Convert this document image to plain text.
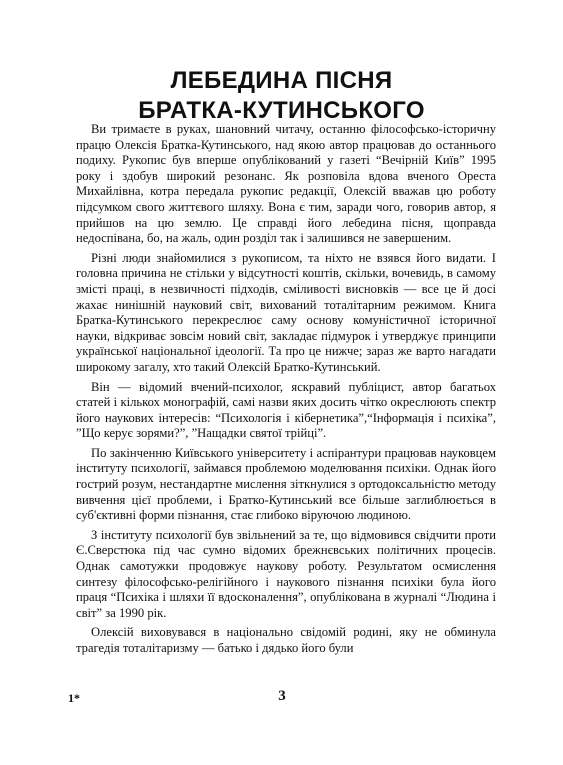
ЛЕБЕДИНА ПІСНЯ
БРАТКА-КУТИНСЬКОГО

Ви тримаєте в руках, шановний читачу, останню філософсько-історичну працю Олексія Братка-Кутинського, над якою автор працював до останнього подиху. Рукопис був вперше опублікований у газеті “Вечірній Київ” 1995 року і здобув широкий резонанс. Як розповіла вдова вченого Ореста Михайлівна, котра передала рукопис редакції, Олексій вважав цю роботу підсумком свого життєвого шляху. Вона є тим, заради чого, говорив автор, я прийшов на цю землю. Це справді його лебедина пісня, щоправда недоспівана, бо, на жаль, один розділ так і залишився не завершеним.

Різні люди знайомилися з рукописом, та ніхто не взявся його видати. І головна причина не стільки у відсутності коштів, скільки, вочевидь, в самому змісті праці, в незвичності підходів, сміливості висновків — все це й досі жахає нинішній науковий світ, вихований тоталітарним режимом. Книга Братка-Кутинського перекреслює саму основу комуністичної історичної науки, відкриває зовсім новий світ, закладає підмурок і утверджує принципи української національної ідеології. Та про це нижче; зараз же варто нагадати широкому загалу, хто такий Олексій Братко-Кутинський.

Він — відомий вчений-психолог, яскравий публіцист, автор багатьох статей і кількох монографій, самі назви яких досить чітко окреслюють спектр його наукових інтересів: “Психологія і кібернетика”,“Інформація і психіка”, ”Що керує зорями?”, ”Нащадки святої трійці”.

По закінченню Київського університету і аспірантури працював науковцем інституту психології, займався проблемою моделювання психіки. Однак його гострий розум, нестандартне мислення зіткнулися з ортодоксальністю методу вивчення цієї проблеми, і Братко-Кутинський все більше заглиблюється в суб'єктивні форми пізнання, стає глибоко віруючою людиною.

З інституту психології був звільнений за те, що відмовився свідчити проти Є.Сверстюка під час сумно відомих брежнєвських політичних процесів. Однак самотужки продовжує наукову роботу. Результатом осмислення синтезу філософсько-релігійного і наукового пізнання психіки була його праця “Психіка і шляхи її вдосконалення”, опублікована в журналі “Людина і світ” за 1990 рік.

Олексій виховувався в національно свідомій родині, яку не обминула трагедія тоталітаризму — батько і дядько його були

1*	3
